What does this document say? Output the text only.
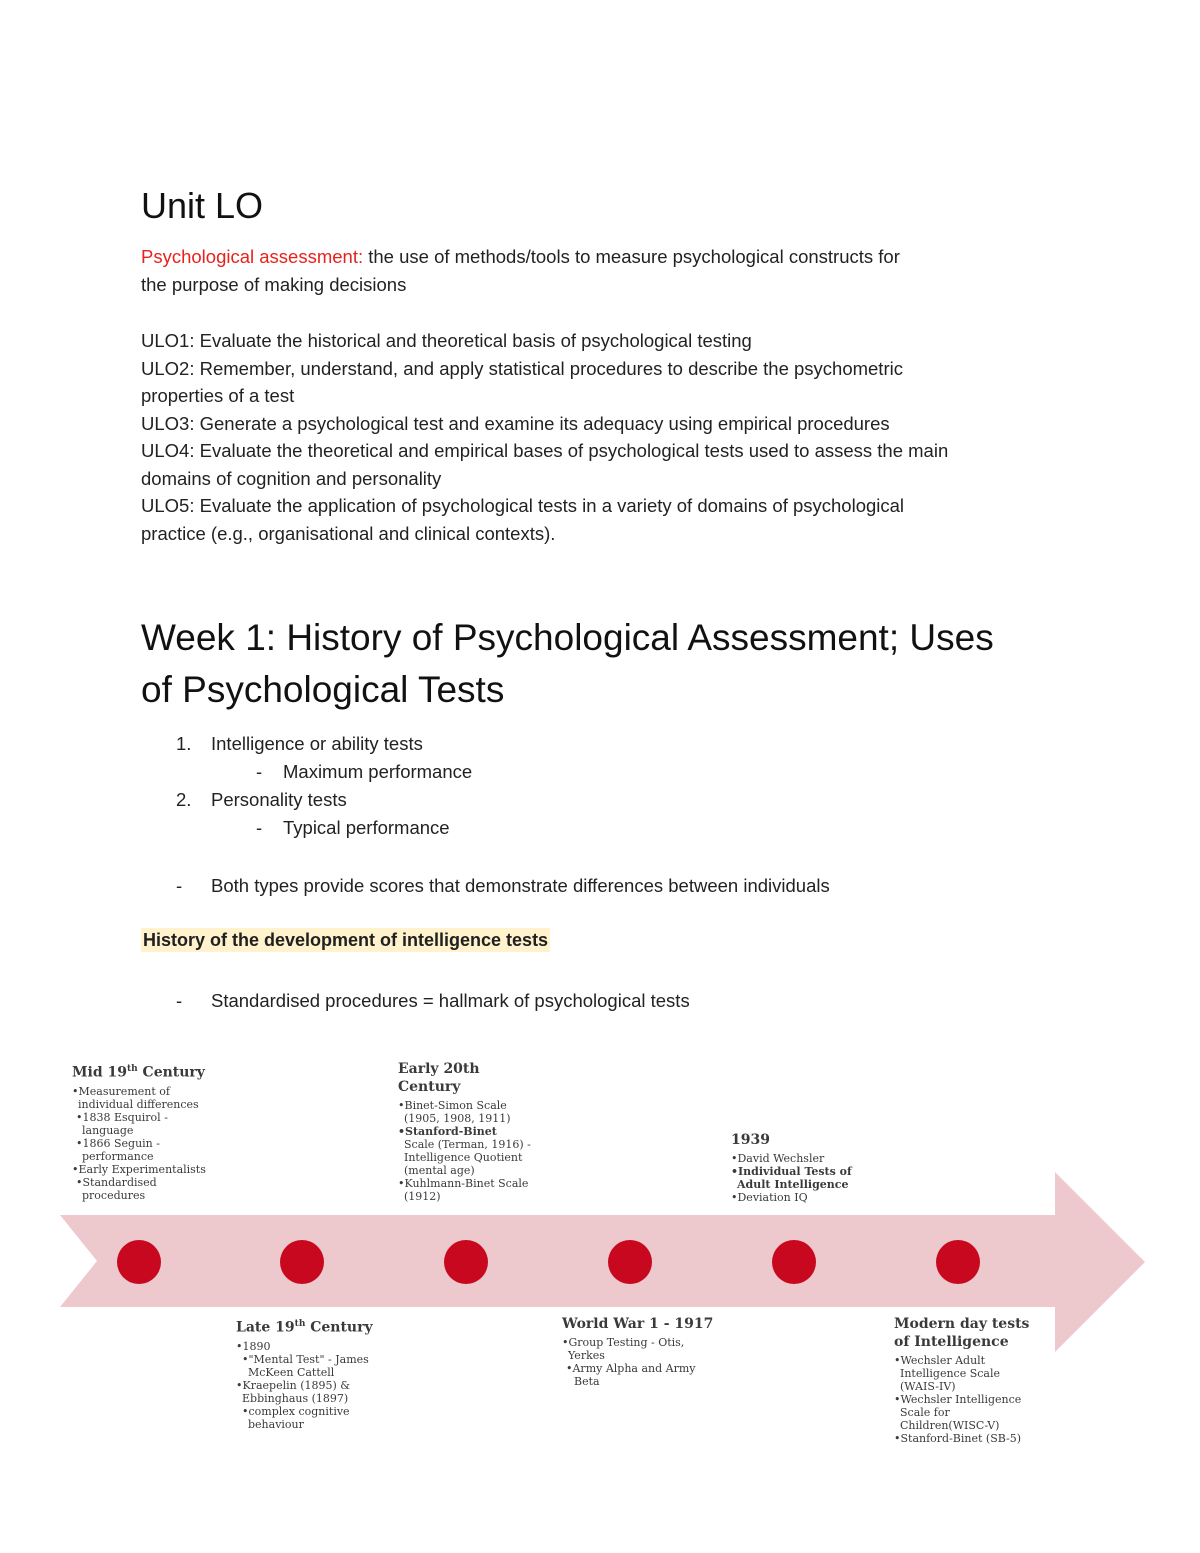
Unit LO
Psychological assessment: the use of methods/tools to measure psychological constructs for
the purpose of making decisions
ULO1: Evaluate the historical and theoretical basis of psychological testing
ULO2: Remember, understand, and apply statistical procedures to describe the psychometric
properties of a test
ULO3: Generate a psychological test and examine its adequacy using empirical procedures
ULO4: Evaluate the theoretical and empirical bases of psychological tests used to assess the main
domains of cognition and personality
ULO5: Evaluate the application of psychological tests in a variety of domains of psychological
practice (e.g., organisational and clinical contexts).
Week 1: History of Psychological Assessment; Uses
of Psychological Tests
1. Intelligence or ability tests
- Maximum performance
2. Personality tests
- Typical performance
- Both types provide scores that demonstrate differences between individuals
History of the development of intelligence tests
- Standardised procedures = hallmark of psychological tests
Mid 19th Century
•Measurement of
individual differences
•1838 Esquirol -
language
•1866 Seguin -
performance
•Early Experimentalists
•Standardised
procedures
Early 20th
Century
•Binet-Simon Scale
(1905, 1908, 1911)
•Stanford-Binet
Scale (Terman, 1916) -
Intelligence Quotient
(mental age)
•Kuhlmann-Binet Scale
(1912)
1939
•David Wechsler
•Individual Tests of
Adult Intelligence
•Deviation IQ
Late 19th Century
•1890
•"Mental Test" - James
McKeen Cattell
•Kraepelin (1895) &
Ebbinghaus (1897)
•complex cognitive
behaviour
World War 1 - 1917
•Group Testing - Otis,
Yerkes
•Army Alpha and Army
Beta
Modern day tests
of Intelligence
•Wechsler Adult
Intelligence Scale
(WAIS-IV)
•Wechsler Intelligence
Scale for
Children(WISC-V)
•Stanford-Binet (SB-5)
